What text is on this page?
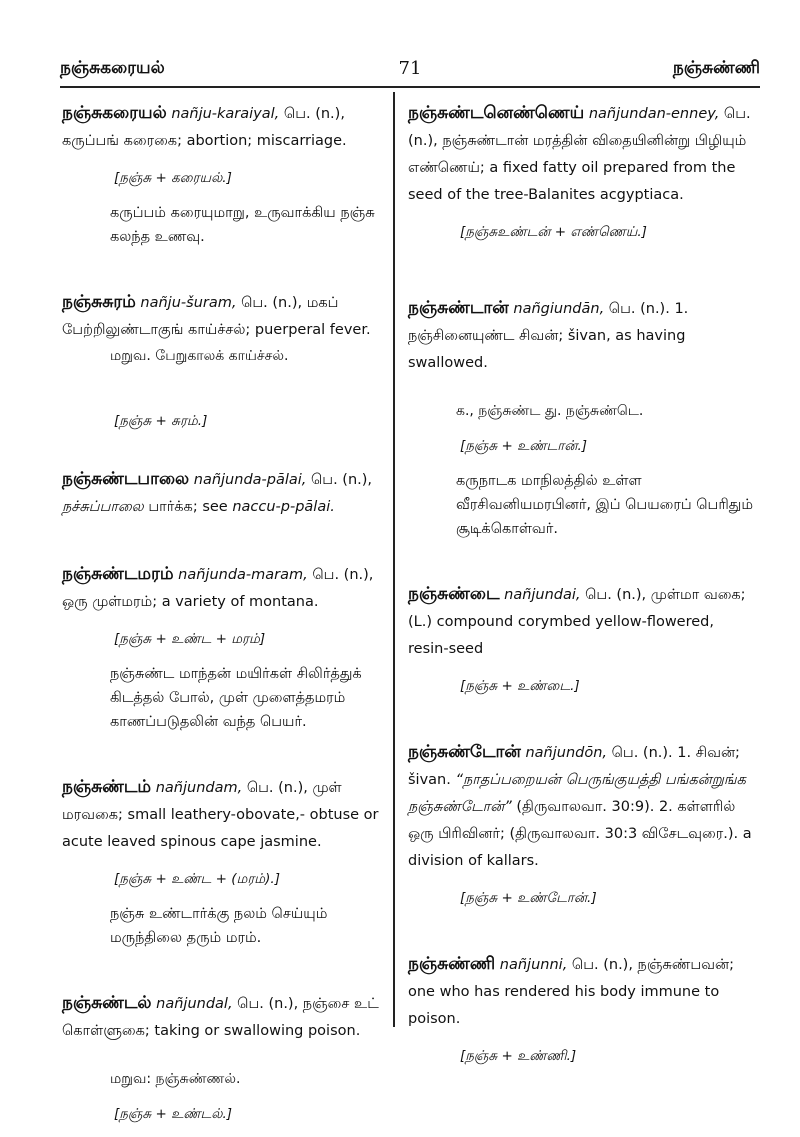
நஞ்சுகரையல்	71	நஞ்சுண்ணி

நஞ்சுகரையல் nañju-karaiyal, பெ. (n.), கருப்பங் கரைகை; abortion; miscarriage.

[நஞ்சு + கரையல்.]

கருப்பம் கரையுமாறு, உருவாக்கிய நஞ்சு கலந்த உணவு.

நஞ்சுசுரம் nañju-šuram, பெ. (n.), மகப் பேற்றிலுண்டாகுங் காய்ச்சல்; puerperal fever.

மறுவ. பேறுகாலக் காய்ச்சல்.

[நஞ்சு + சுரம்.]

நஞ்சுண்டபாலை nañjunda-pālai, பெ. (n.), நச்சுப்பாலை பார்க்க; see naccu-p-pālai.

நஞ்சுண்டமரம் nañjunda-maram, பெ. (n.), ஒரு முள்மரம்; a variety of montana.

[நஞ்சு + உண்ட + மரம்]

நஞ்சுண்ட மாந்தன் மயிர்கள் சிலிர்த்துக் கிடத்தல் போல், முள் முளைத்தமரம் காணப்படுதலின் வந்த பெயர்.

நஞ்சுண்டம் nañjundam, பெ. (n.), முள் மரவகை; small leathery-obovate,- obtuse or acute leaved spinous cape jasmine.

[நஞ்சு + உண்ட + (மரம்).]

நஞ்சு உண்டார்க்கு நலம் செய்யும் மருந்திலை தரும் மரம்.

நஞ்சுண்டல் nañjundal, பெ. (n.), நஞ்சை உட் கொள்ளுகை; taking or swallowing poison.

மறுவ: நஞ்சுண்ணல்.

[நஞ்சு + உண்டல்.]

நஞ்சுண்டனெண்ணெய் nañjundan-enney, பெ. (n.), நஞ்சுண்டான் மரத்தின் விதையினின்று பிழியும் எண்ணெய்; a fixed fatty oil prepared from the seed of the tree-Balanites acgyptiaca.

[நஞ்சுஉண்டன் + எண்ணெய்.]

நஞ்சுண்டான் nañgiundān, பெ. (n.). 1. நஞ்சினையுண்ட சிவன்; šivan, as having swallowed.

க., நஞ்சுண்ட து. நஞ்சுண்டெ.

[நஞ்சு + உண்டான்.]

கருநாடக மாநிலத்தில் உள்ள வீரசிவனியமரபினர், இப் பெயரைப் பெரிதும் சூடிக்கொள்வர்.

நஞ்சுண்டை nañjundai, பெ. (n.), முள்மா வகை; (L.) compound corymbed yellow-flowered, resin-seed

[நஞ்சு + உண்டை.]

நஞ்சுண்டோன் nañjundōn, பெ. (n.). 1. சிவன்; šivan. “நாதப்பறையன் பெருங்குயத்தி பங்கன்றுங்க நஞ்சுண்டோன்” (திருவாலவா. 30:9). 2. கள்ளரில் ஒரு பிரிவினர்; (திருவாலவா. 30:3 விசேடவுரை.). a division of kallars.

[நஞ்சு + உண்டோன்.]

நஞ்சுண்ணி nañjunni, பெ. (n.), நஞ்சுண்பவன்; one who has rendered his body immune to poison.

[நஞ்சு + உண்ணி.]
